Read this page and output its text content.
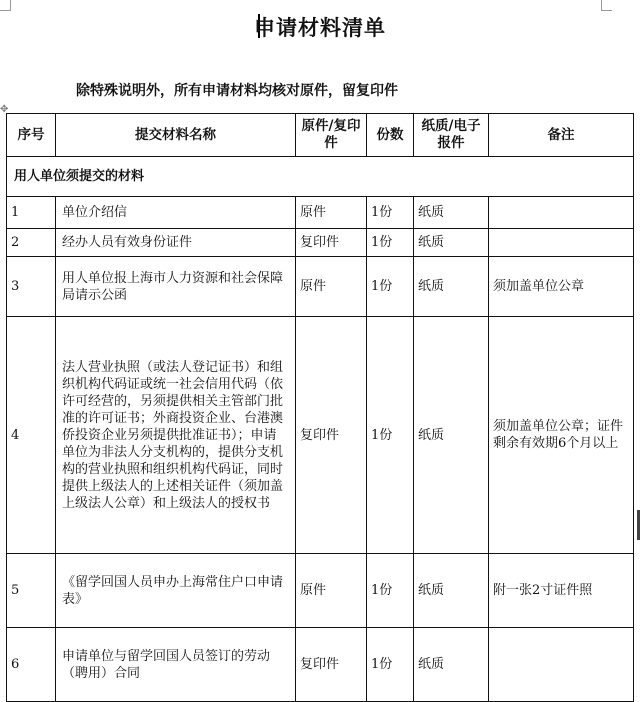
✥
申请材料清单
除特殊说明外，所有申请材料均核对原件，留复印件
序号	提交材料名称	原件/复印件	份数	纸质/电子报件	备注
用人单位须提交的材料					
1	单位介绍信	原件	1份	纸质	
2	经办人员有效身份证件	复印件	1份	纸质	
3	用人单位报上海市人力资源和社会保障局请示公函	原件	1份	纸质	须加盖单位公章
4	法人营业执照（或法人登记证书）和组织机构代码证或统一社会信用代码（依许可经营的，另须提供相关主管部门批准的许可证书；外商投资企业、台港澳侨投资企业另须提供批准证书）；申请单位为非法人分支机构的，提供分支机构的营业执照和组织机构代码证，同时提供上级法人的上述相关证件（须加盖上级法人公章）和上级法人的授权书	复印件	1份	纸质	须加盖单位公章；证件剩余有效期6个月以上
5	《留学回国人员申办上海常住户口申请表》	原件	1份	纸质	附一张2寸证件照
6	申请单位与留学回国人员签订的劳动（聘用）合同	复印件	1份	纸质	
